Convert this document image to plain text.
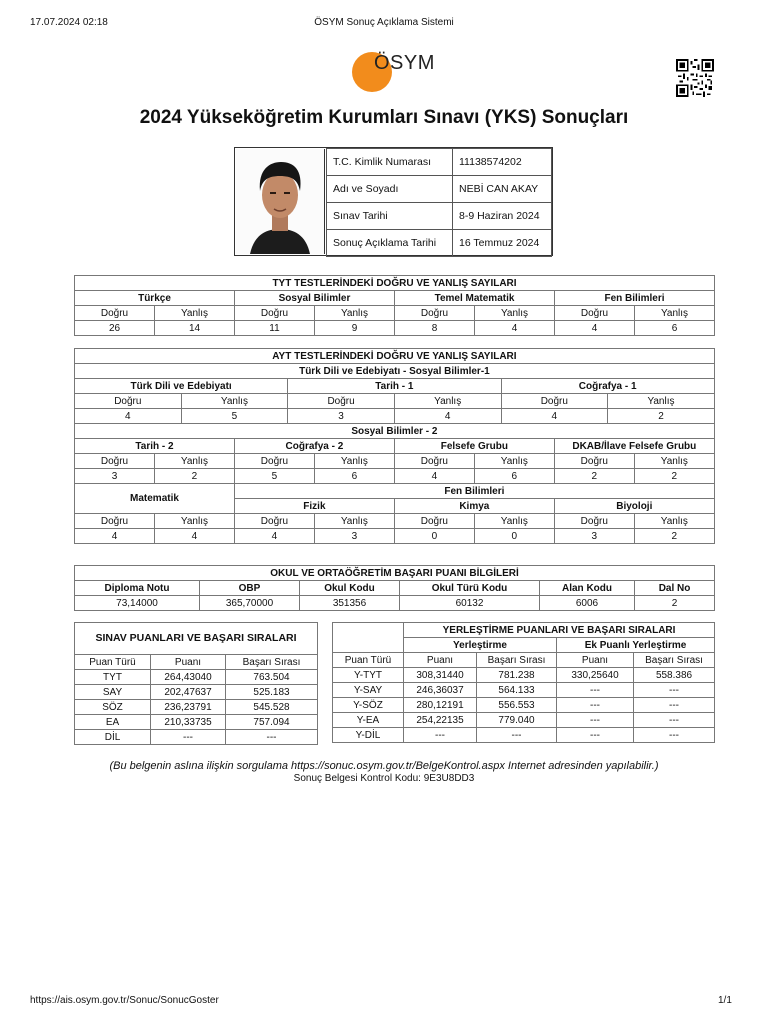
17.07.2024 02:18	ÖSYM Sonuç Açıklama Sistemi
https://ais.osym.gov.tr/Sonuc/SonucGoster	1/1
ÖSYM
2024 Yükseköğretim Kurumları Sınavı (YKS) Sonuçları
T.C. Kimlik Numarası	11138574202
Adı ve Soyadı	NEBİ CAN AKAY
Sınav Tarihi	8-9 Haziran 2024
Sonuç Açıklama Tarihi	16 Temmuz 2024
TYT TESTLERİNDEKİ DOĞRU VE YANLIŞ SAYILARI							
Türkçe		Sosyal Bilimler		Temel Matematik		Fen Bilimleri	
Doğru	Yanlış	Doğru	Yanlış	Doğru	Yanlış	Doğru	Yanlış
26	14	11	9	8	4	4	6
AYT TESTLERİNDEKİ DOĞRU VE YANLIŞ SAYILARI											
Türk Dili ve Edebiyatı - Sosyal Bilimler-1											
Türk Dili ve Edebiyatı				Tarih - 1				Coğrafya - 1			
Doğru		Yanlış		Doğru		Yanlış		Doğru		Yanlış	
4		5		3		4		4		2	
Sosyal Bilimler - 2											
Tarih - 2			Coğrafya - 2			Felsefe Grubu			DKAB/İlave Felsefe Grubu		
Doğru	Yanlış		Doğru		Yanlış	Doğru	Yanlış		Doğru		Yanlış
3	2		5		6	4	6		2		2
Matematik			Fen Bilimleri								
			Fizik			Kimya			Biyoloji		
Doğru	Yanlış		Doğru		Yanlış	Doğru	Yanlış		Doğru		Yanlış
4	4		4		3	0	0		3		2
OKUL VE ORTAÖĞRETİM BAŞARI PUANI BİLGİLERİ					
Diploma Notu	OBP	Okul Kodu	Okul Türü Kodu	Alan Kodu	Dal No
73,14000	365,70000	351356	60132	6006	2
SINAV PUANLARI VE BAŞARI SIRALARI		
Puan Türü	Puanı	Başarı Sırası
TYT	264,43040	763.504
SAY	202,47637	525.183
SÖZ	236,23791	545.528
EA	210,33735	757.094
DİL	---	---
	YERLEŞTİRME PUANLARI VE BAŞARI SIRALARI			
	Yerleştirme		Ek Puanlı Yerleştirme	
Puan Türü	Puanı	Başarı Sırası	Puanı	Başarı Sırası
Y-TYT	308,31440	781.238	330,25640	558.386
Y-SAY	246,36037	564.133	---	---
Y-SÖZ	280,12191	556.553	---	---
Y-EA	254,22135	779.040	---	---
Y-DİL	---	---	---	---
(Bu belgenin aslına ilişkin sorgulama https://sonuc.osym.gov.tr/BelgeKontrol.aspx Internet adresinden yapılabilir.)
Sonuç Belgesi Kontrol Kodu: 9E3U8DD3
